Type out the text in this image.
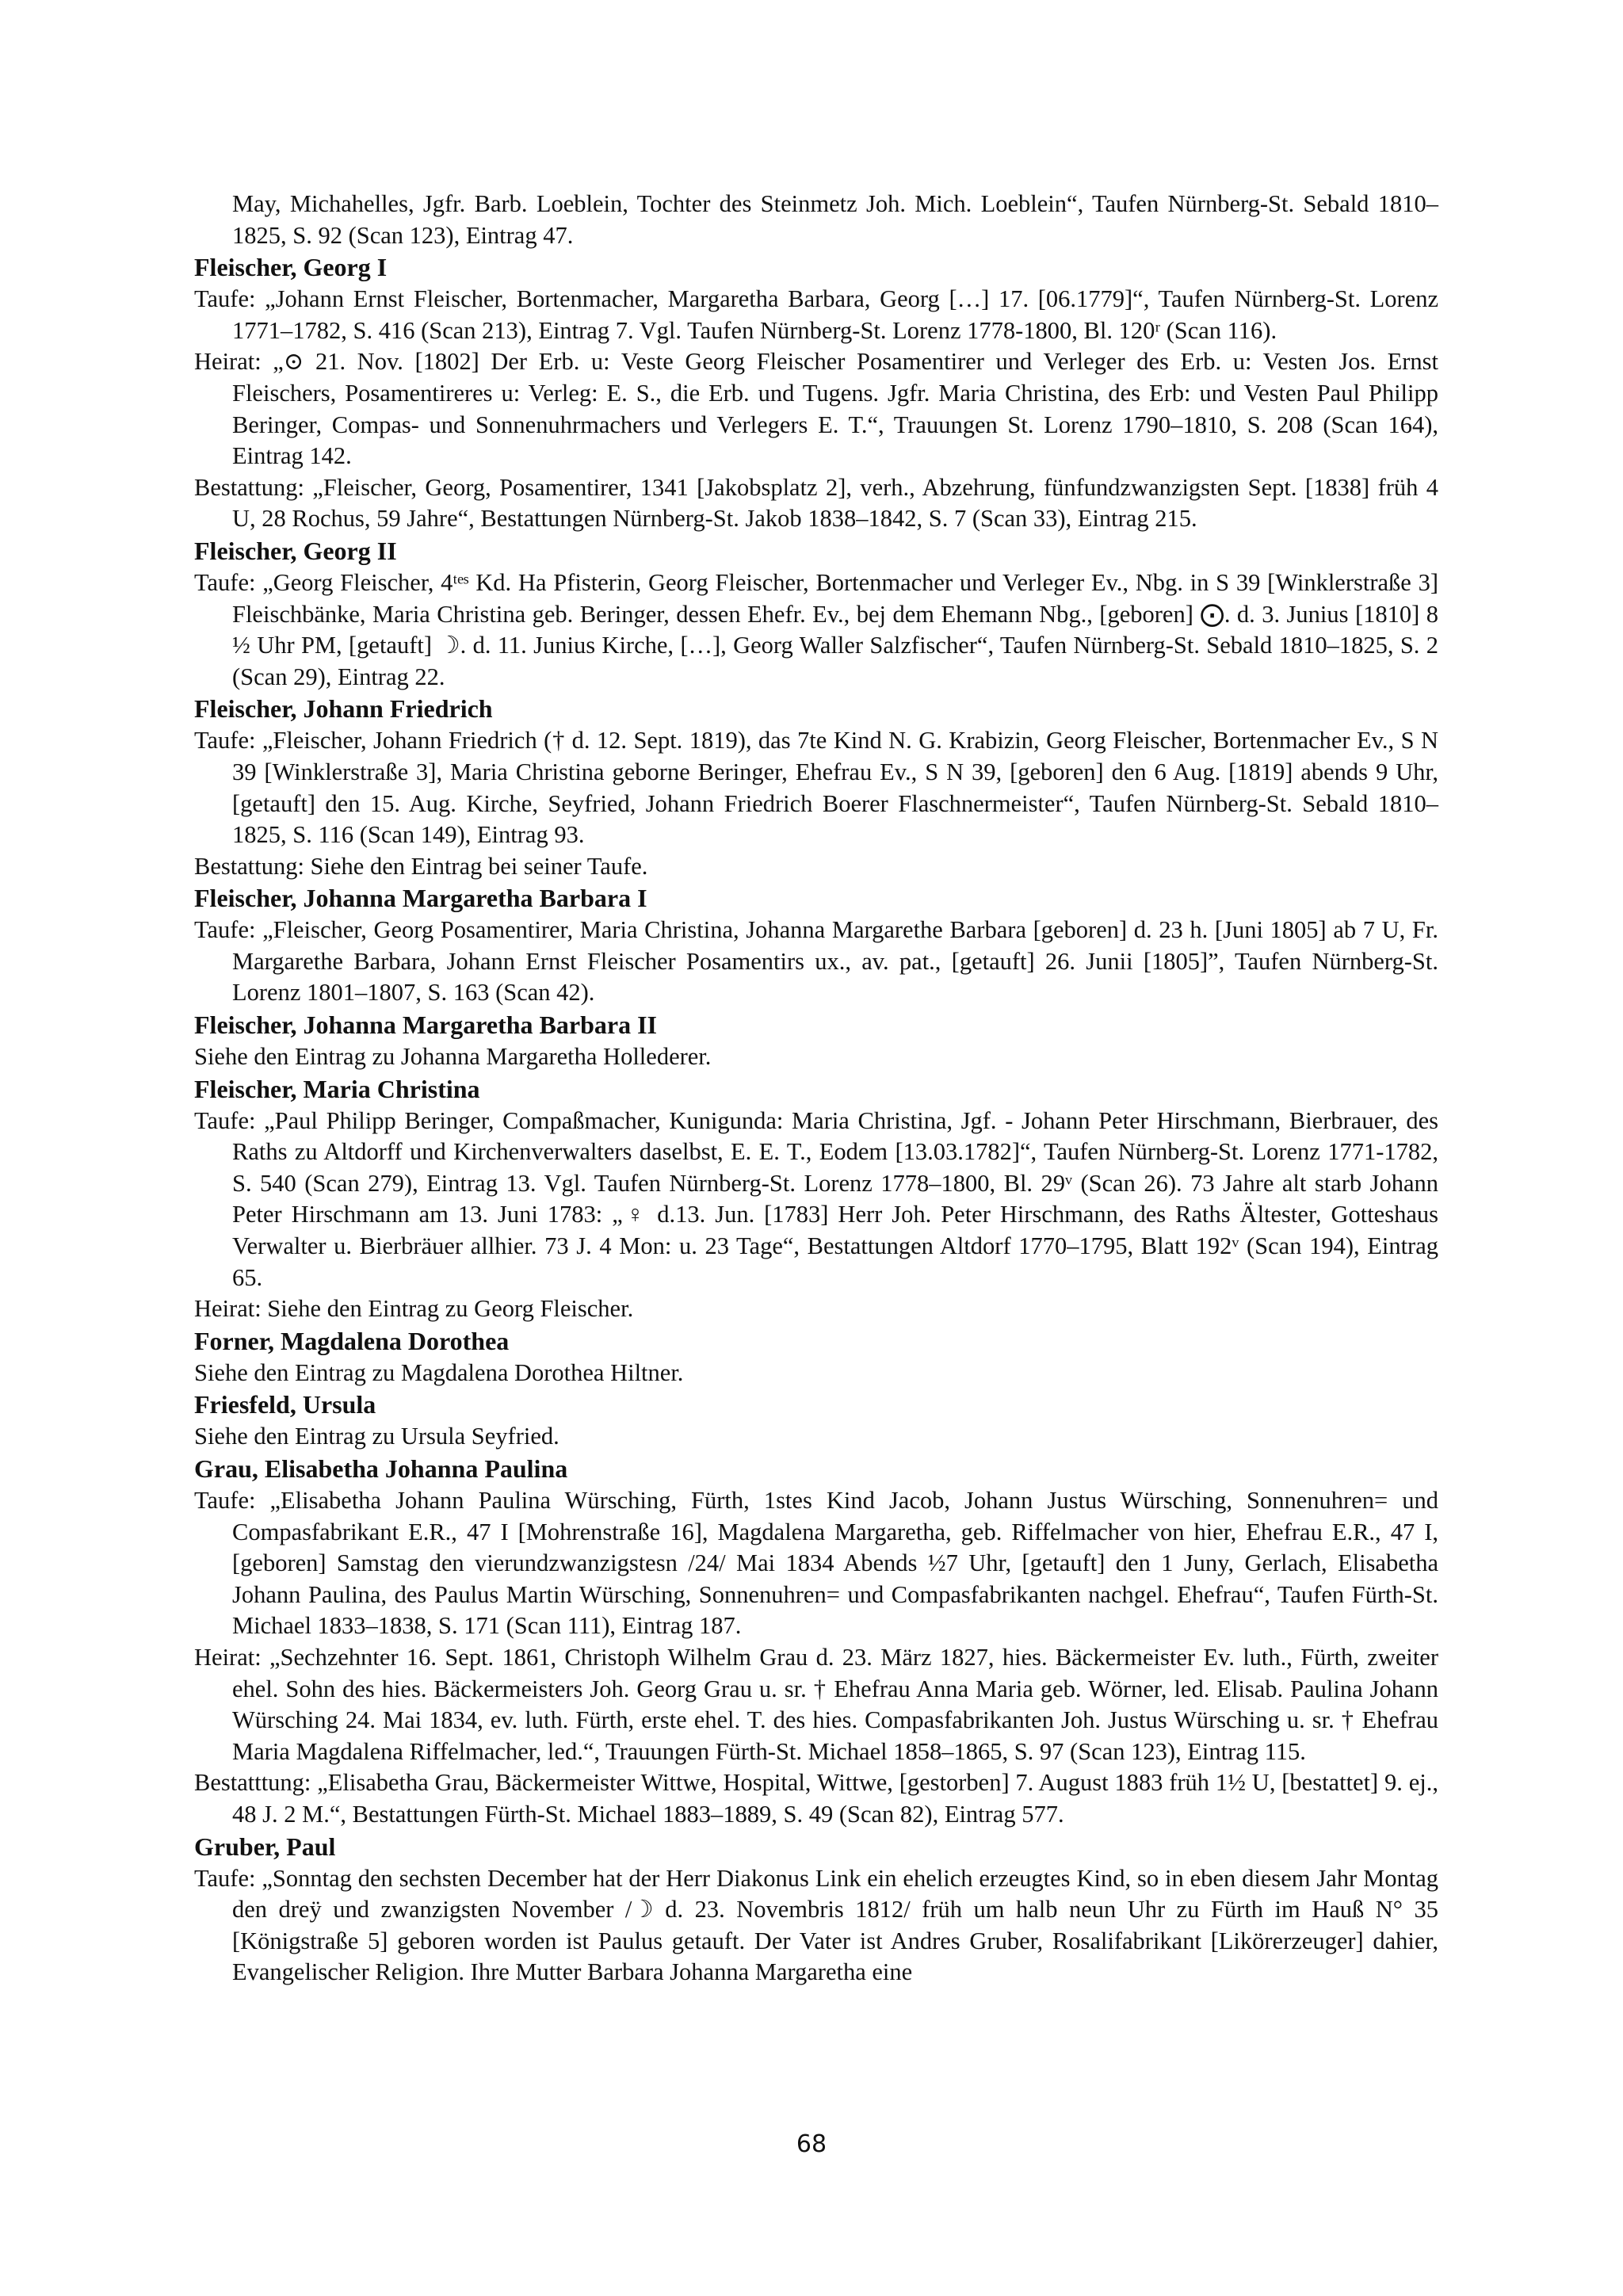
May, Michahelles, Jgfr. Barb. Loeblein, Tochter des Steinmetz Joh. Mich. Loeblein“, Taufen Nürnberg-St. Sebald 1810–1825, S. 92 (Scan 123), Eintrag 47.

Fleischer, Georg I

Taufe: „Johann Ernst Fleischer, Bortenmacher, Margaretha Barbara, Georg […] 17. [06.1779]“, Taufen Nürnberg-St. Lorenz 1771–1782, S. 416 (Scan 213), Eintrag 7. Vgl. Taufen Nürnberg-St. Lorenz 1778-1800, Bl. 120ʳ (Scan 116).

Heirat: „⊙ 21. Nov. [1802] Der Erb. u: Veste Georg Fleischer Posamentirer und Verleger des Erb. u: Vesten Jos. Ernst Fleischers, Posamentireres u: Verleg: E. S., die Erb. und Tugens. Jgfr. Maria Christina, des Erb: und Vesten Paul Philipp Beringer, Compas- und Sonnenuhrmachers und Verlegers E. T.“, Trauungen St. Lorenz 1790–1810, S. 208 (Scan 164), Eintrag 142.

Bestattung: „Fleischer, Georg, Posamentirer, 1341 [Jakobsplatz 2], verh., Abzehrung, fünfundzwanzigsten Sept. [1838] früh 4 U, 28 Rochus, 59 Jahre“, Bestattungen Nürnberg-St. Jakob 1838–1842, S. 7 (Scan 33), Eintrag 215.

Fleischer, Georg II

Taufe: „Georg Fleischer, 4ᵗᵉˢ Kd. Ha Pfisterin, Georg Fleischer, Bortenmacher und Verleger Ev., Nbg. in S 39 [Winklerstraße 3] Fleischbänke, Maria Christina geb. Beringer, dessen Ehefr. Ev., bej dem Ehemann Nbg., [geboren] ⨀. d. 3. Junius [1810] 8 ½ Uhr PM, [getauft] ☽. d. 11. Junius Kirche, […], Georg Waller Salzfischer“, Taufen Nürnberg-St. Sebald 1810–1825, S. 2 (Scan 29), Eintrag 22.

Fleischer, Johann Friedrich

Taufe: „Fleischer, Johann Friedrich († d. 12. Sept. 1819), das 7te Kind N. G. Krabizin, Georg Fleischer, Bortenmacher Ev., S N 39 [Winklerstraße 3], Maria Christina geborne Beringer, Ehefrau Ev., S N 39, [geboren] den 6 Aug. [1819] abends 9 Uhr, [getauft] den 15. Aug. Kirche, Seyfried, Johann Friedrich Boerer Flaschnermeister“, Taufen Nürnberg-St. Sebald 1810–1825, S. 116 (Scan 149), Eintrag 93.

Bestattung: Siehe den Eintrag bei seiner Taufe.

Fleischer, Johanna Margaretha Barbara I

Taufe: „Fleischer, Georg Posamentirer, Maria Christina, Johanna Margarethe Barbara [geboren] d. 23 h. [Juni 1805] ab 7 U, Fr. Margarethe Barbara, Johann Ernst Fleischer Posamentirs ux., av. pat., [getauft] 26. Junii [1805]”, Taufen Nürnberg-St. Lorenz 1801–1807, S. 163 (Scan 42).

Fleischer, Johanna Margaretha Barbara II

Siehe den Eintrag zu Johanna Margaretha Hollederer.

Fleischer, Maria Christina

Taufe: „Paul Philipp Beringer, Compaßmacher, Kunigunda: Maria Christina, Jgf. - Johann Peter Hirschmann, Bierbrauer, des Raths zu Altdorff und Kirchenverwalters daselbst, E. E. T., Eodem [13.03.1782]“, Taufen Nürnberg-St. Lorenz 1771-1782, S. 540 (Scan 279), Eintrag 13. Vgl. Taufen Nürnberg-St. Lorenz 1778–1800, Bl. 29ᵛ (Scan 26). 73 Jahre alt starb Johann Peter Hirschmann am 13. Juni 1783: „♀ d.13. Jun. [1783] Herr Joh. Peter Hirschmann, des Raths Ältester, Gotteshaus Verwalter u. Bierbräuer allhier. 73 J. 4 Mon: u. 23 Tage“, Bestattungen Altdorf 1770–1795, Blatt 192ᵛ (Scan 194), Eintrag 65.

Heirat: Siehe den Eintrag zu Georg Fleischer.

Forner, Magdalena Dorothea

Siehe den Eintrag zu Magdalena Dorothea Hiltner.

Friesfeld, Ursula

Siehe den Eintrag zu Ursula Seyfried.

Grau, Elisabetha Johanna Paulina

Taufe: „Elisabetha Johann Paulina Würsching, Fürth, 1stes Kind Jacob, Johann Justus Würsching, Sonnenuhren= und Compasfabrikant E.R., 47 I [Mohrenstraße 16], Magdalena Margaretha, geb. Riffelmacher von hier, Ehefrau E.R., 47 I, [geboren] Samstag den vierundzwanzigstesn /24/ Mai 1834 Abends ½7 Uhr, [getauft] den 1 Juny, Gerlach, Elisabetha Johann Paulina, des Paulus Martin Würsching, Sonnenuhren= und Compasfabrikanten nachgel. Ehefrau“, Taufen Fürth-St. Michael 1833–1838, S. 171 (Scan 111), Eintrag 187.

Heirat: „Sechzehnter 16. Sept. 1861, Christoph Wilhelm Grau d. 23. März 1827, hies. Bäckermeister Ev. luth., Fürth, zweiter ehel. Sohn des hies. Bäckermeisters Joh. Georg Grau u. sr. † Ehefrau Anna Maria geb. Wörner, led. Elisab. Paulina Johann Würsching 24. Mai 1834, ev. luth. Fürth, erste ehel. T. des hies. Compasfabrikanten Joh. Justus Würsching u. sr. † Ehefrau Maria Magdalena Riffelmacher, led.“, Trauungen Fürth-St. Michael 1858–1865, S. 97 (Scan 123), Eintrag 115.

Bestatttung: „Elisabetha Grau, Bäckermeister Wittwe, Hospital, Wittwe, [gestorben] 7. August 1883 früh 1½ U, [bestattet] 9. ej., 48 J. 2 M.“, Bestattungen Fürth-St. Michael 1883–1889, S. 49 (Scan 82), Eintrag 577.

Gruber, Paul

Taufe: „Sonntag den sechsten December hat der Herr Diakonus Link ein ehelich erzeugtes Kind, so in eben diesem Jahr Montag den dreÿ und zwanzigsten November /☽ d. 23. Novembris 1812/ früh um halb neun Uhr zu Fürth im Hauß N° 35 [Königstraße 5] geboren worden ist Paulus getauft. Der Vater ist Andres Gruber, Rosalifabrikant [Likörerzeuger] dahier, Evangelischer Religion. Ihre Mutter Barbara Johanna Margaretha eine

68
